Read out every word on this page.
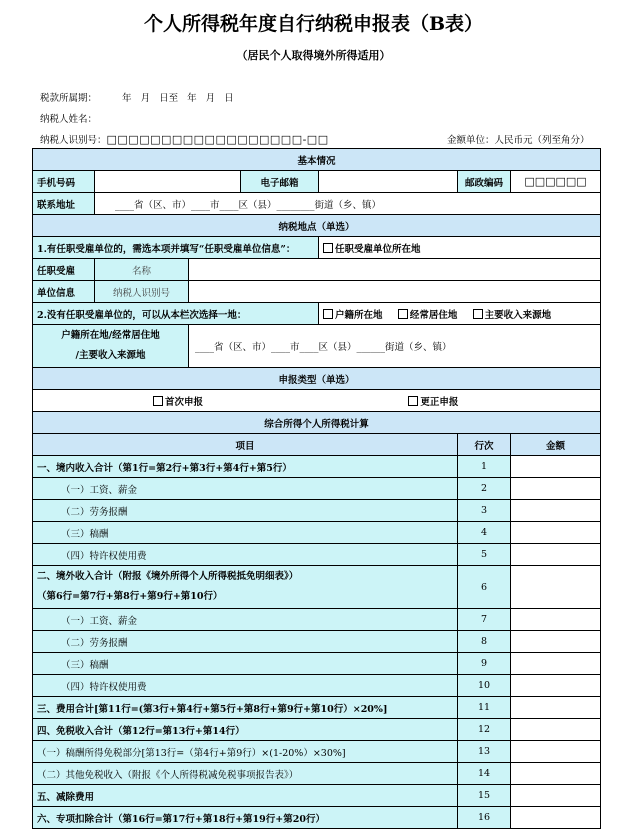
个人所得税年度自行纳税申报表（B表）
（居民个人取得境外所得适用）
税款所属期：	年 月 日至 年 月 日
纳税人姓名：
纳税人识别号：□□□□□□□□□□□□□□□□□□-□□	金额单位：人民币元（列至角分）
基本情况						
手机号码			电子邮箱		邮政编码	□□□□□□
联系地址	____省（区、市）____市____区（县）________街道（乡、镇）					
纳税地点（单选）						
1.有任职受雇单位的，需选本项并填写“任职受雇单位信息”：				任职受雇单位所在地		
任职受雇	名称					
单位信息	纳税人识别号					
2.没有任职受雇单位的，可以从本栏次选择一地：				户籍所在地 经常居住地 主要收入来源地		

户籍所在地/经常居住地
/主要收入来源地		____省（区、市）____市____区（县）______街道（乡、镇）				
申报类型（单选）						
首次申报 更正申报						
综合所得个人所得税计算						
项目					行次	金额
一、境内收入合计（第1行=第2行+第3行+第4行+第5行）					1	
（一）工资、薪金					2	
（二）劳务报酬					3	
（三）稿酬					4	
（四）特许权使用费					5	

二、境外收入合计（附报《境外所得个人所得税抵免明细表》）
（第6行=第7行+第8行+第9行+第10行）					6	
（一）工资、薪金					7	
（二）劳务报酬					8	
（三）稿酬					9	
（四）特许权使用费					10	
三、费用合计[第11行=(第3行+第4行+第5行+第8行+第9行+第10行）×20%]					11	
四、免税收入合计（第12行=第13行+第14行）					12	
（一）稿酬所得免税部分[第13行=（第4行+第9行）×(1-20%）×30%]					13	
（二）其他免税收入（附报《个人所得税减免税事项报告表》）					14	
五、减除费用					15	
六、专项扣除合计（第16行=第17行+第18行+第19行+第20行）					16	
